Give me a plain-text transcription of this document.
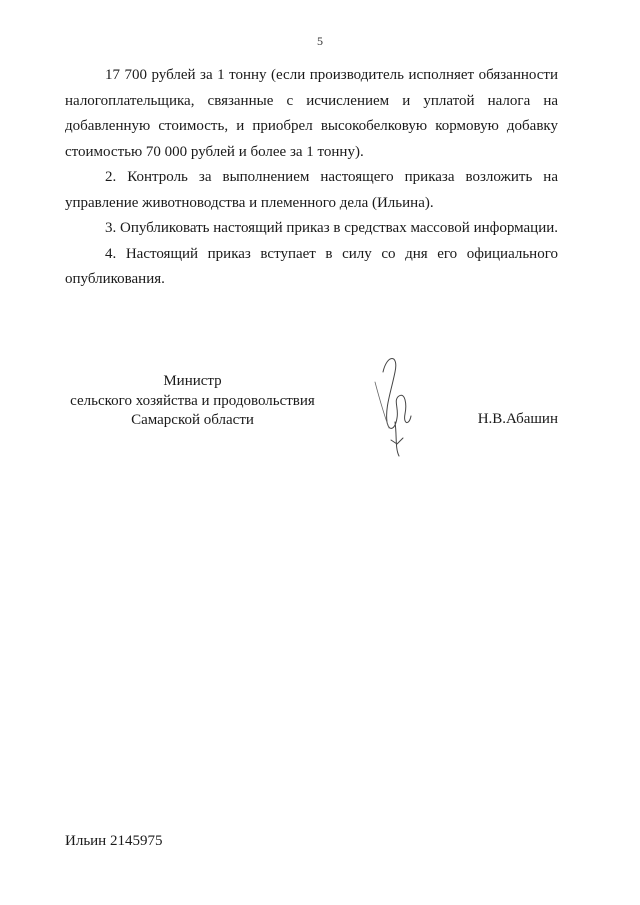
5

17 700 рублей за 1 тонну (если производитель исполняет обязанности налогоплательщика, связанные с исчислением и уплатой налога на добавленную стоимость, и приобрел высокобелковую кормовую добавку стоимостью 70 000 рублей и более за 1 тонну).

2. Контроль за выполнением настоящего приказа возложить на управление животноводства и племенного дела (Ильина).

3. Опубликовать настоящий приказ в средствах массовой информации.

4. Настоящий приказ вступает в силу со дня его официального опубликования.

Министр
сельского хозяйства и продовольствия
Самарской области	Н.В.Абашин
Ильин 2145975
